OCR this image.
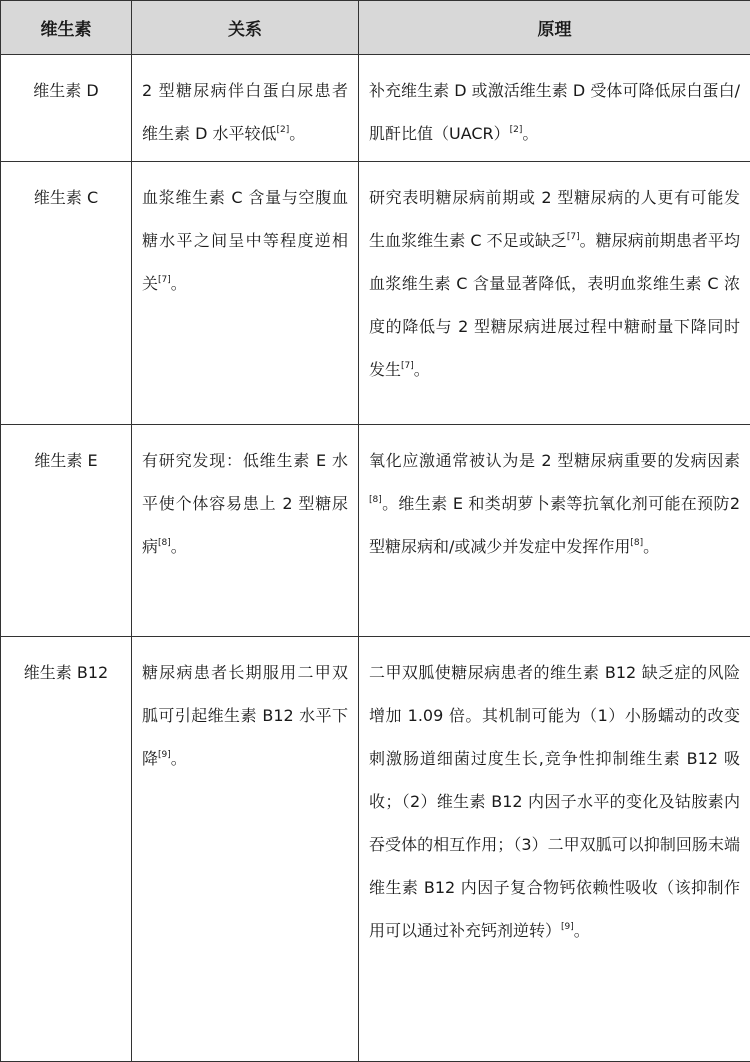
维生素	关系	原理
维生素 D	2 型糖尿病伴白蛋白尿患者维生素 D 水平较低[2]。	补充维生素 D 或激活维生素 D 受体可降低尿白蛋白/肌酐比值（UACR）[2]。
维生素 C	血浆维生素 C 含量与空腹血糖水平之间呈中等程度逆相关[7]。	研究表明糖尿病前期或 2 型糖尿病的人更有可能发生血浆维生素 C 不足或缺乏[7]。糖尿病前期患者平均血浆维生素 C 含量显著降低，表明血浆维生素 C 浓度的降低与 2 型糖尿病进展过程中糖耐量下降同时发生[7]。
维生素 E	有研究发现：低维生素 E 水平使个体容易患上 2 型糖尿病[8]。	氧化应激通常被认为是 2 型糖尿病重要的发病因素[8]。维生素 E 和类胡萝卜素等抗氧化剂可能在预防2型糖尿病和/或减少并发症中发挥作用[8]。
维生素 B12	糖尿病患者长期服用二甲双胍可引起维生素 B12 水平下降[9]。	二甲双胍使糖尿病患者的维生素 B12 缺乏症的风险增加 1.09 倍。其机制可能为（1）小肠蠕动的改变刺激肠道细菌过度生长,竞争性抑制维生素 B12 吸收；（2）维生素 B12 内因子水平的变化及钴胺素内吞受体的相互作用；（3）二甲双胍可以抑制回肠末端维生素 B12 内因子复合物钙依赖性吸收（该抑制作用可以通过补充钙剂逆转）[9]。
